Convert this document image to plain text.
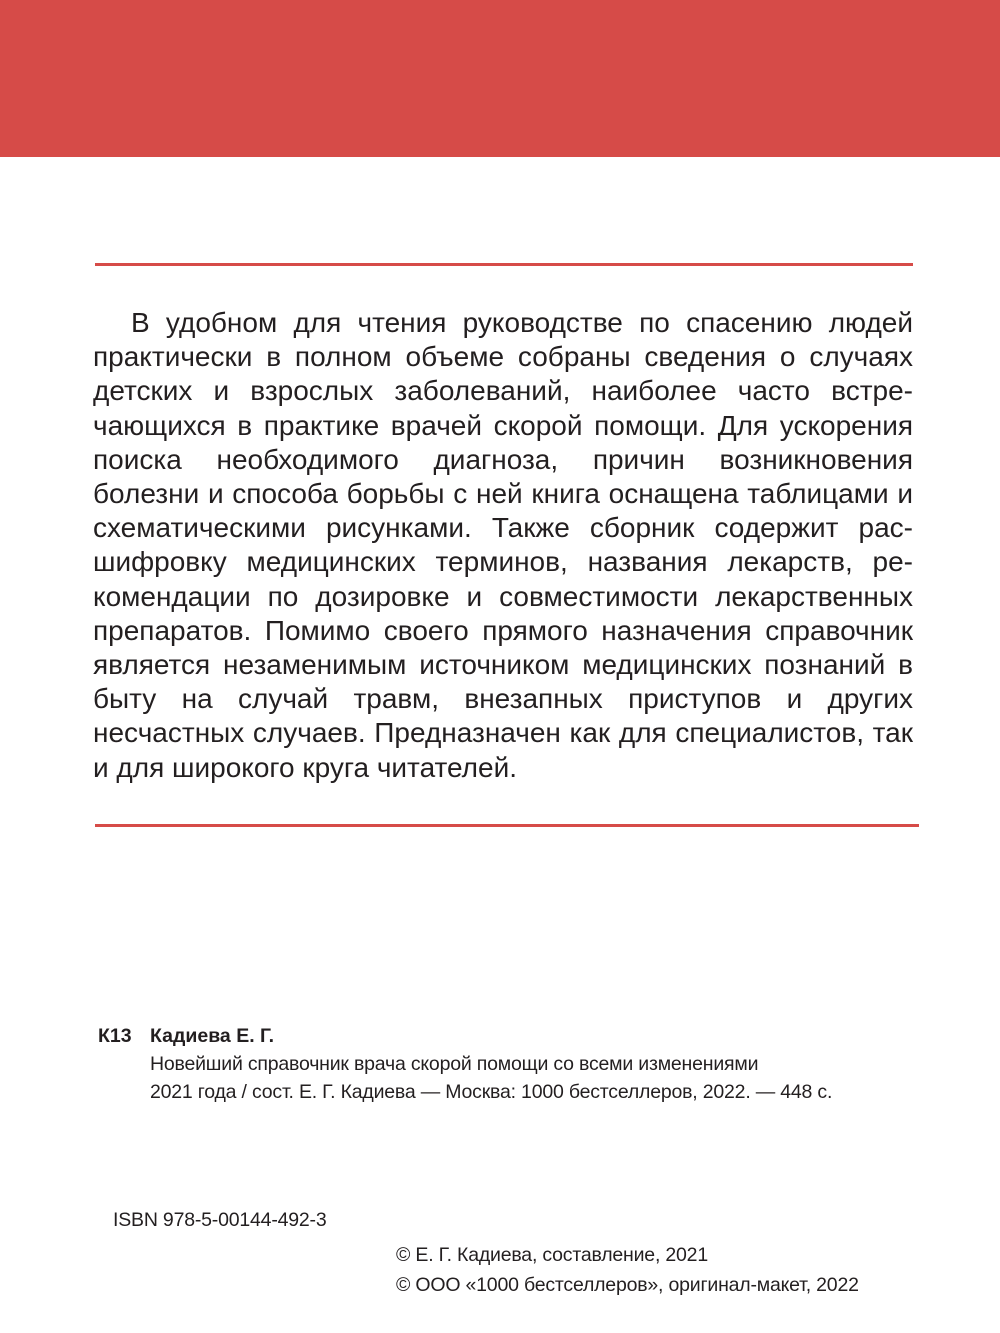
В удобном для чтения руководстве по спасению людей практически в полном объеме собраны сведения о случаях детских и взрослых заболеваний, наиболее часто встречающихся в практике врачей скорой помощи. Для ускорения поиска необходимого диагноза, причин возникновения болезни и способа борьбы с ней книга оснащена таблицами и схематическими рисунками. Также сборник содержит расшифровку медицинских терминов, названия лекарств, рекомендации по дозировке и совместимости лекарственных препаратов. Помимо своего прямого назначения справочник является незаменимым источником медицинских познаний в быту на случай травм, внезапных приступов и других несчастных случаев. Предназначен как для специалистов, так и для широкого круга читателей.

К13 Кадиева Е. Г.
Новейший справочник врача скорой помощи со всеми изменениями
2021 года / сост. Е. Г. Кадиева — Москва: 1000 бестселлеров, 2022. — 448 с.
ISBN 978-5-00144-492-3
© Е. Г. Кадиева, составление, 2021
© ООО «1000 бестселлеров», оригинал-макет, 2022
